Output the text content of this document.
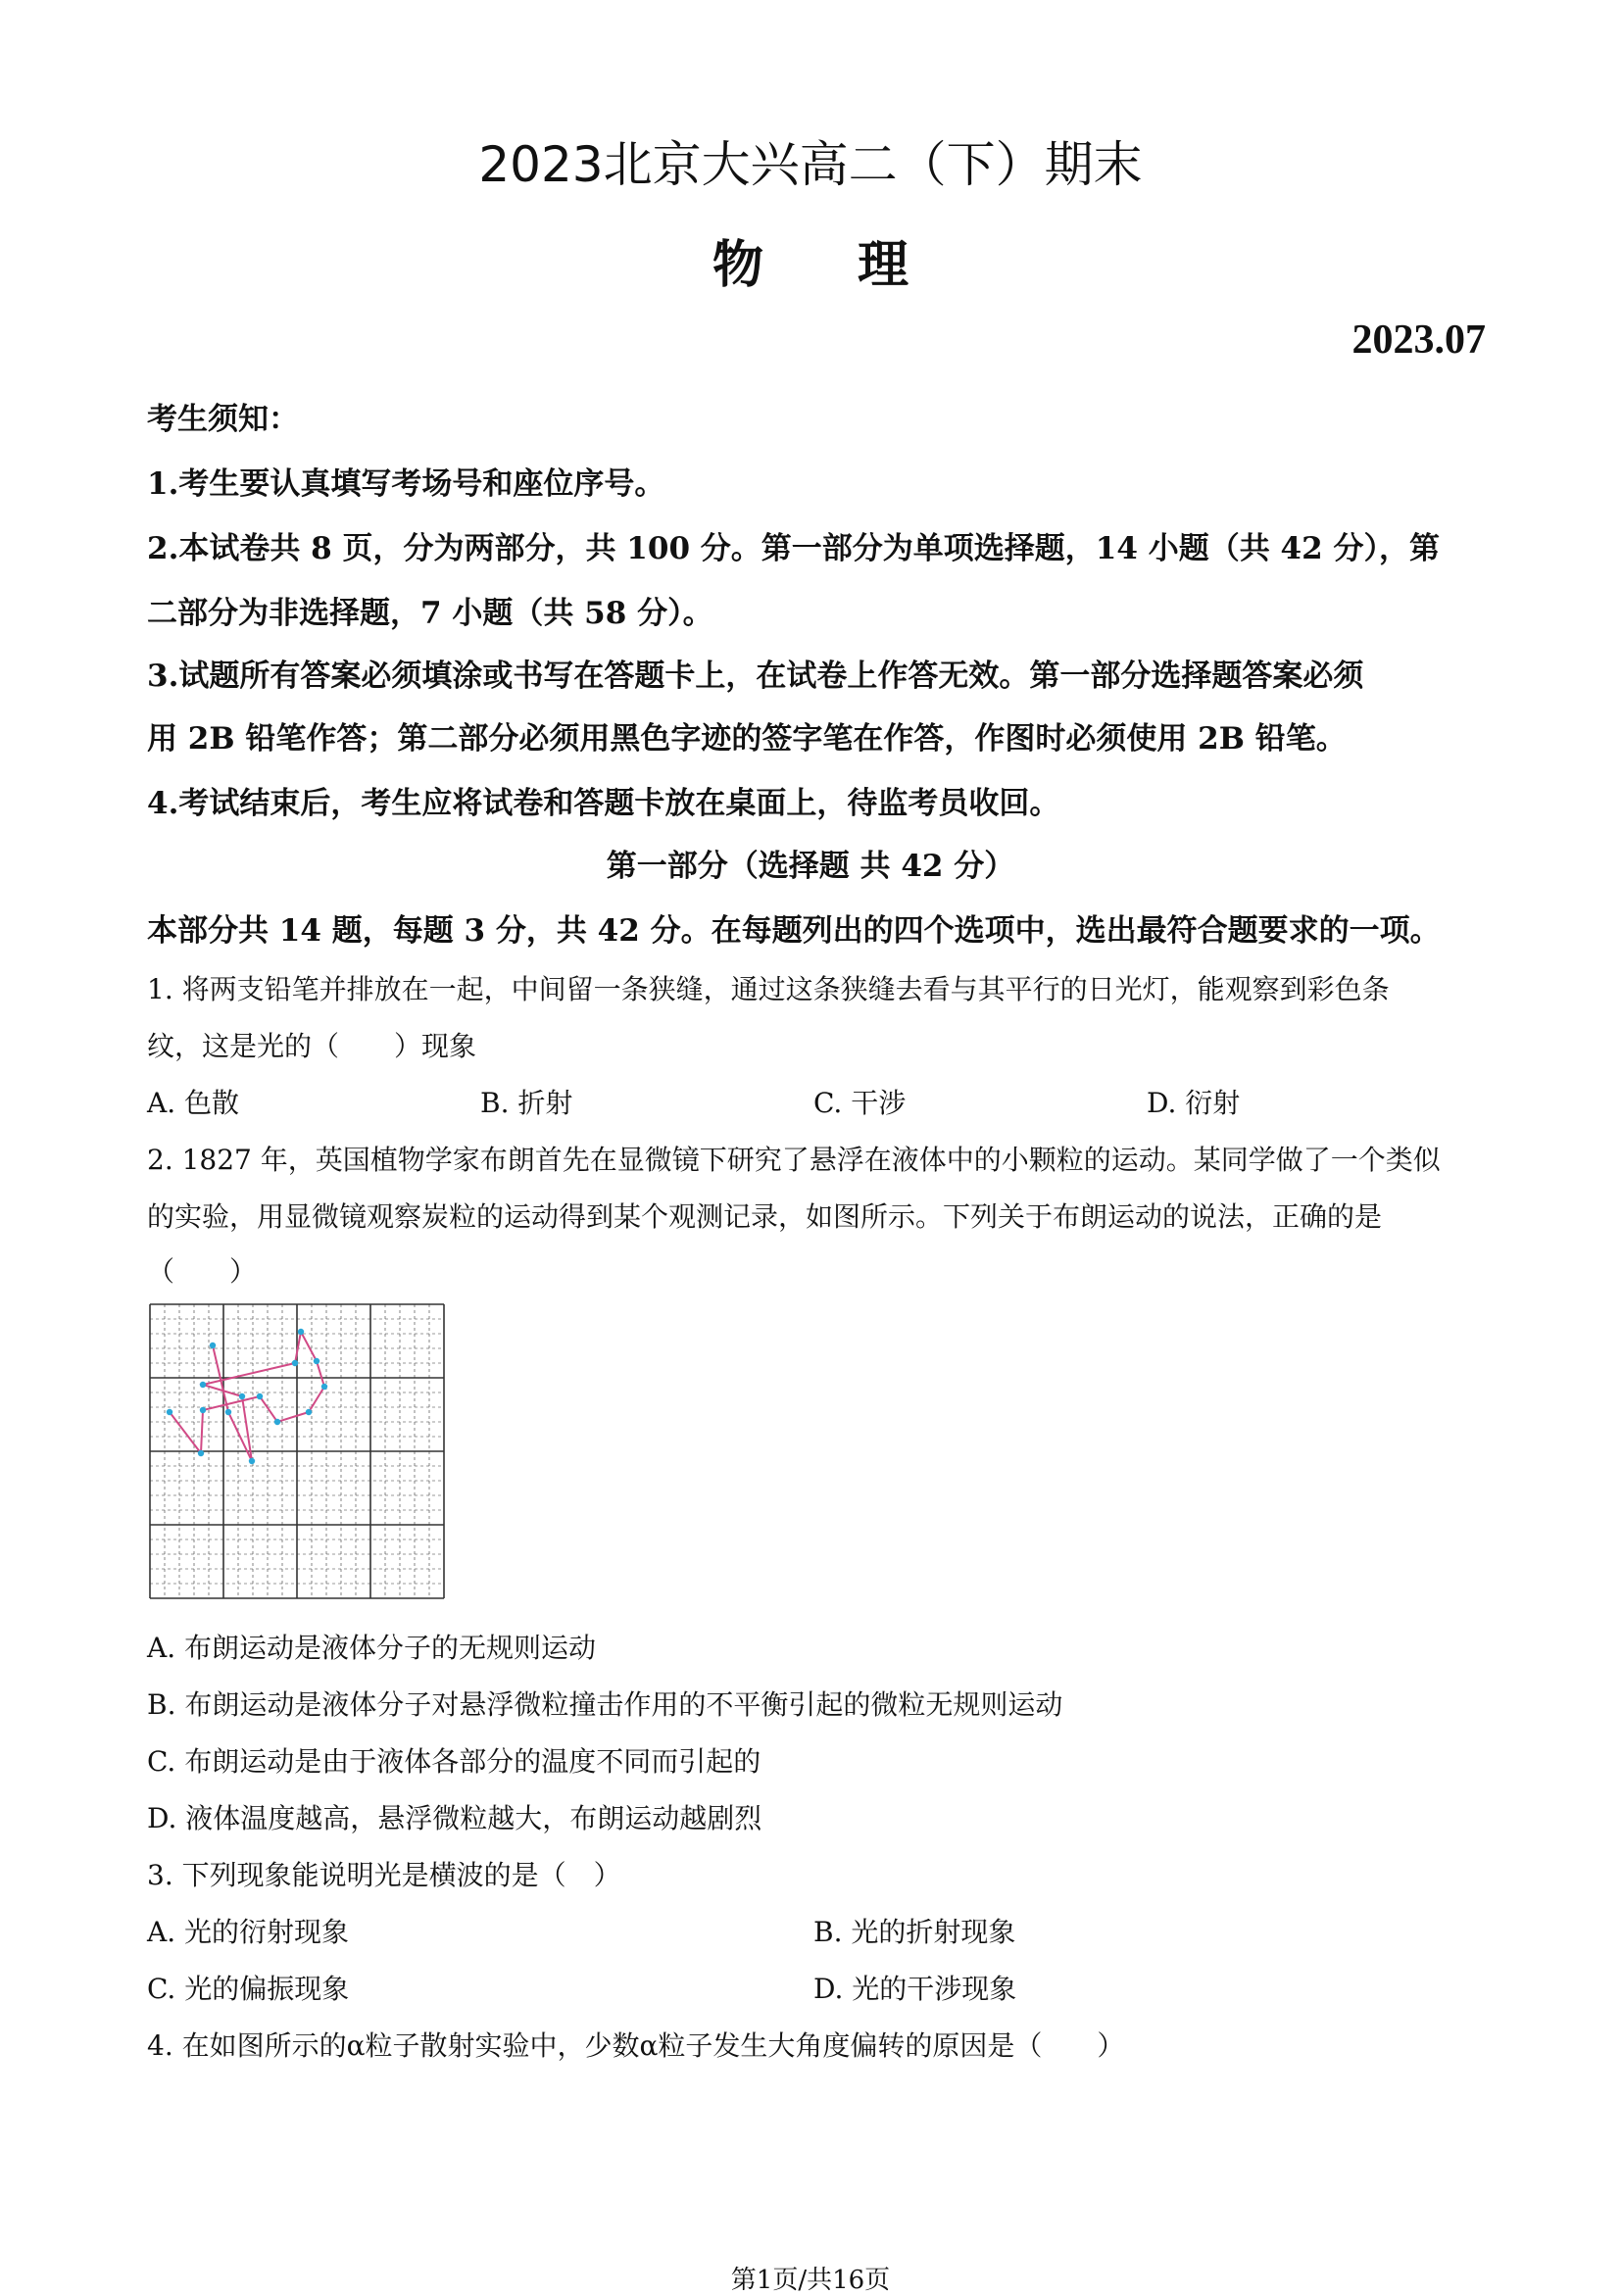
2023北京大兴高二（下）期末
物理
2023.07
考生须知：
1.考生要认真填写考场号和座位序号。
2.本试卷共 8 页，分为两部分，共 100 分。第一部分为单项选择题，14 小题（共 42 分），第
二部分为非选择题，7 小题（共 58 分）。
3.试题所有答案必须填涂或书写在答题卡上，在试卷上作答无效。第一部分选择题答案必须
用 2B 铅笔作答；第二部分必须用黑色字迹的签字笔在作答，作图时必须使用 2B 铅笔。
4.考试结束后，考生应将试卷和答题卡放在桌面上，待监考员收回。
第一部分（选择题 共 42 分）
本部分共 14 题，每题 3 分，共 42 分。在每题列出的四个选项中，选出最符合题要求的一项。
1. 将两支铅笔并排放在一起，中间留一条狭缝，通过这条狭缝去看与其平行的日光灯，能观察到彩色条
纹，这是光的（　　）现象
A. 色散	B. 折射	C. 干涉	D. 衍射
2. 1827 年，英国植物学家布朗首先在显微镜下研究了悬浮在液体中的小颗粒的运动。某同学做了一个类似
的实验，用显微镜观察炭粒的运动得到某个观测记录，如图所示。下列关于布朗运动的说法，正确的是
（　　）
A. 布朗运动是液体分子的无规则运动
B. 布朗运动是液体分子对悬浮微粒撞击作用的不平衡引起的微粒无规则运动
C. 布朗运动是由于液体各部分的温度不同而引起的
D. 液体温度越高，悬浮微粒越大，布朗运动越剧烈
3. 下列现象能说明光是横波的是（　）
A. 光的衍射现象	B. 光的折射现象
C. 光的偏振现象	D. 光的干涉现象
4. 在如图所示的α粒子散射实验中，少数α粒子发生大角度偏转的原因是（　　）
第1页/共16页
